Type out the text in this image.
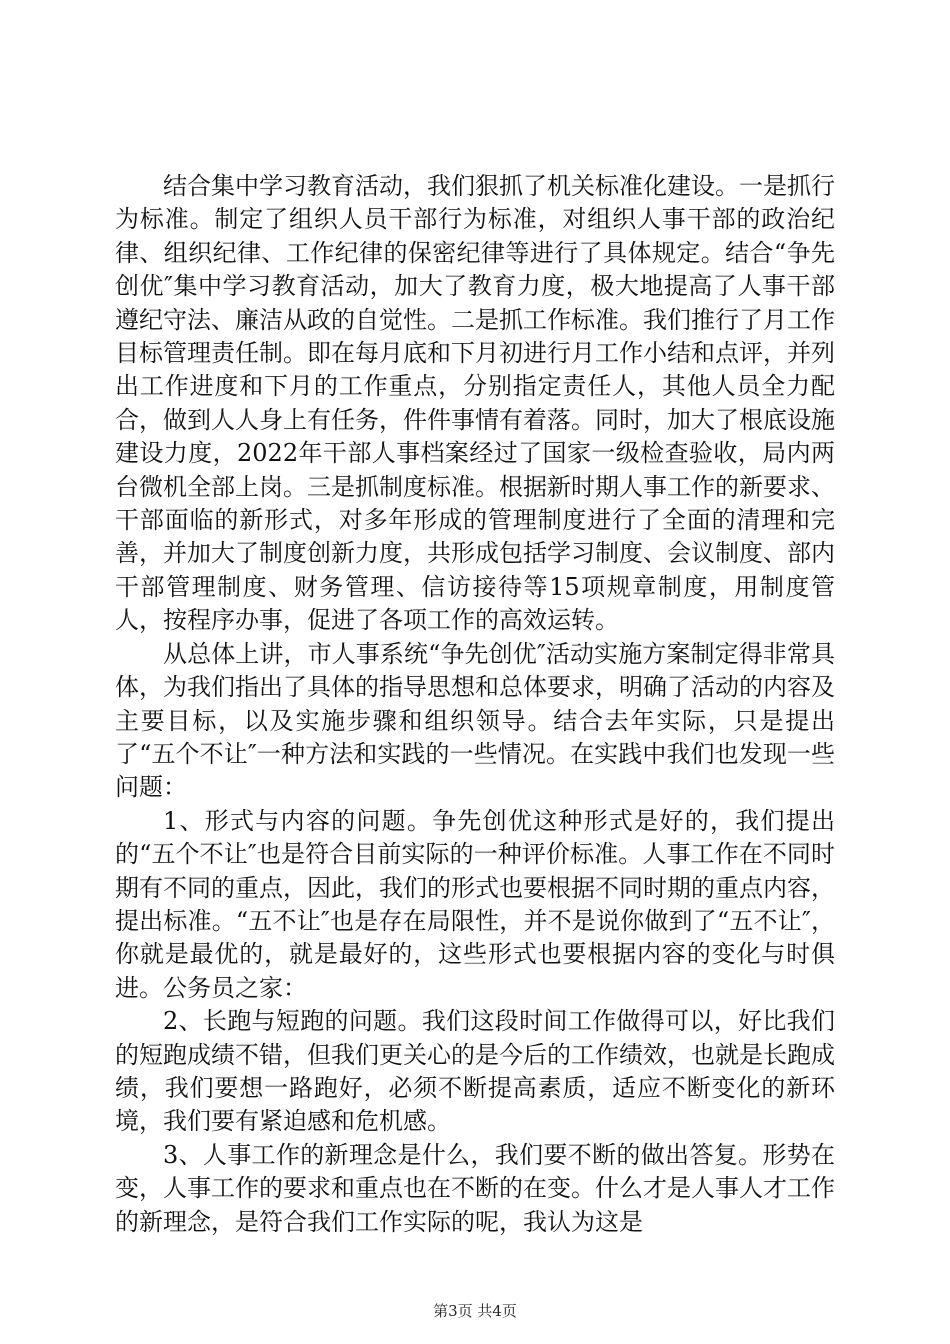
结合集中学习教育活动，我们狠抓了机关标准化建设。一是抓行为标准。制定了组织人员干部行为标准，对组织人事干部的政治纪律、组织纪律、工作纪律的保密纪律等进行了具体规定。结合“争先创优″集中学习教育活动，加大了教育力度，极大地提高了人事干部遵纪守法、廉洁从政的自觉性。二是抓工作标准。我们推行了月工作目标管理责任制。即在每月底和下月初进行月工作小结和点评，并列出工作进度和下月的工作重点，分别指定责任人，其他人员全力配合，做到人人身上有任务，件件事情有着落。同时，加大了根底设施建设力度，2022年干部人事档案经过了国家一级检查验收，局内两台微机全部上岗。三是抓制度标准。根据新时期人事工作的新要求、干部面临的新形式，对多年形成的管理制度进行了全面的清理和完善，并加大了制度创新力度，共形成包括学习制度、会议制度、部内干部管理制度、财务管理、信访接待等15项规章制度，用制度管人，按程序办事，促进了各项工作的高效运转。

从总体上讲，市人事系统“争先创优″活动实施方案制定得非常具体，为我们指出了具体的指导思想和总体要求，明确了活动的内容及主要目标，以及实施步骤和组织领导。结合去年实际，只是提出了“五个不让″一种方法和实践的一些情况。在实践中我们也发现一些问题：

1、形式与内容的问题。争先创优这种形式是好的，我们提出的“五个不让″也是符合目前实际的一种评价标准。人事工作在不同时期有不同的重点，因此，我们的形式也要根据不同时期的重点内容，提出标准。“五不让″也是存在局限性，并不是说你做到了“五不让″，你就是最优的，就是最好的，这些形式也要根据内容的变化与时俱进。公务员之家：

2、长跑与短跑的问题。我们这段时间工作做得可以，好比我们的短跑成绩不错，但我们更关心的是今后的工作绩效，也就是长跑成绩，我们要想一路跑好，必须不断提高素质，适应不断变化的新环境，我们要有紧迫感和危机感。

3、人事工作的新理念是什么，我们要不断的做出答复。形势在变，人事工作的要求和重点也在不断的在变。什么才是人事人才工作的新理念，是符合我们工作实际的呢，我认为这是

第3页 共4页
